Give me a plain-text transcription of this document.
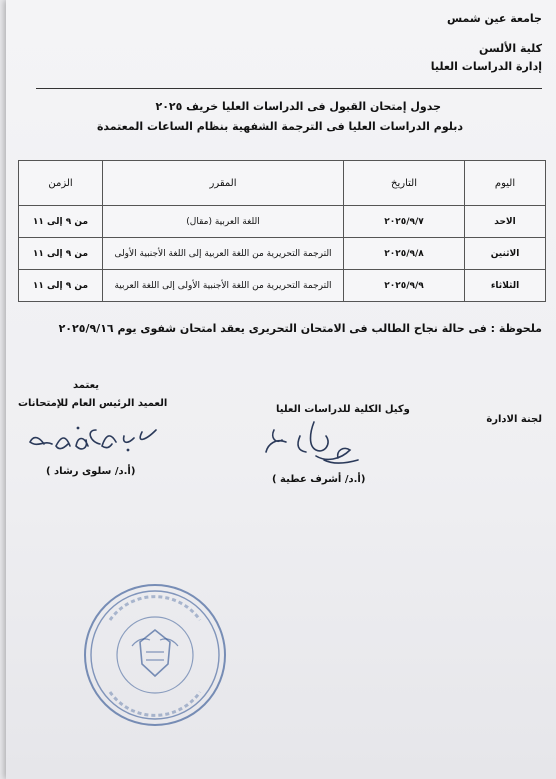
جامعة عين شمس
كلية الألسن
إدارة الدراسات العليا
جدول إمتحان القبول فى الدراسات العليا خريف ٢٠٢٥
دبلوم الدراسات العليا فى الترجمة الشفهية بنظام الساعات المعتمدة
اليوم	التاريخ	المقرر	الزمن
الاحد	٢٠٢٥/٩/٧	اللغة العربية (مقال)	من ٩ إلى ١١
الاثنين	٢٠٢٥/٩/٨	الترجمة التحريرية من اللغة العربية إلى اللغة الأجنبية الأولى	من ٩ إلى ١١
الثلاثاء	٢٠٢٥/٩/٩	الترجمة التحريرية من اللغة الأجنبية الأولى إلى اللغة العربية	من ٩ إلى ١١
ملحوظة : فى حالة نجاح الطالب فى الامتحان التحريرى يعقد امتحان شفوى يوم ٢٠٢٥/٩/١٦
يعتمد
العميد الرئيس العام للإمتحانات
وكيل الكلية للدراسات العليا
لجنة الادارة
(أ.د/ سلوى رشاد )
(أ.د/ أشرف عطية )
